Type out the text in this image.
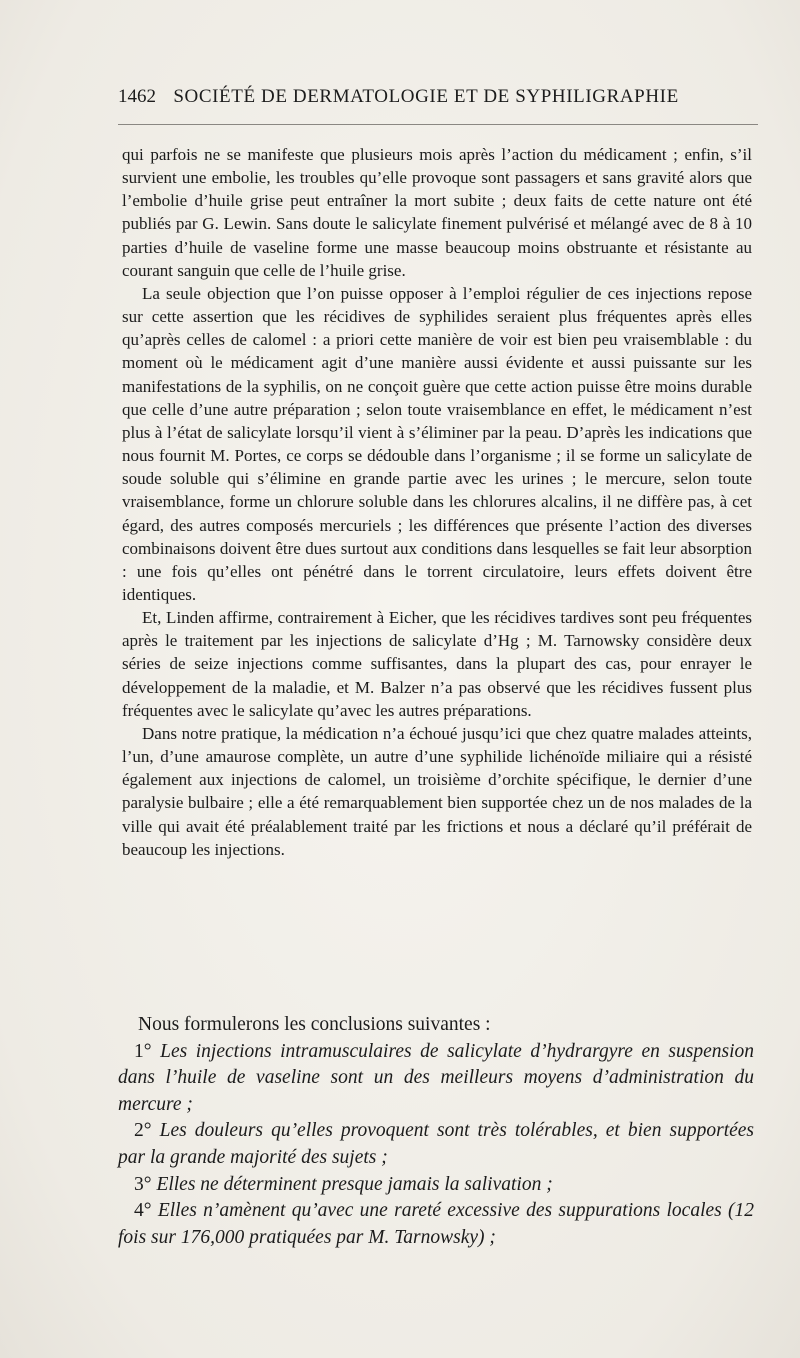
1462 SOCIÉTÉ DE DERMATOLOGIE ET DE SYPHILIGRAPHIE

qui parfois ne se manifeste que plusieurs mois après l’action du médicament ; enfin, s’il survient une embolie, les troubles qu’elle provoque sont passagers et sans gravité alors que l’embolie d’huile grise peut entraîner la mort subite ; deux faits de cette nature ont été publiés par G. Lewin. Sans doute le salicylate finement pulvérisé et mélangé avec de 8 à 10 parties d’huile de vaseline forme une masse beaucoup moins obstruante et résistante au courant sanguin que celle de l’huile grise.

La seule objection que l’on puisse opposer à l’emploi régulier de ces injections repose sur cette assertion que les récidives de syphilides seraient plus fréquentes après elles qu’après celles de calomel : a priori cette manière de voir est bien peu vraisemblable : du moment où le médicament agit d’une manière aussi évidente et aussi puissante sur les manifestations de la syphilis, on ne conçoit guère que cette action puisse être moins durable que celle d’une autre préparation ; selon toute vraisemblance en effet, le médicament n’est plus à l’état de salicylate lorsqu’il vient à s’éliminer par la peau. D’après les indications que nous fournit M. Portes, ce corps se dédouble dans l’organisme ; il se forme un salicylate de soude soluble qui s’élimine en grande partie avec les urines ; le mercure, selon toute vraisemblance, forme un chlorure soluble dans les chlorures alcalins, il ne diffère pas, à cet égard, des autres composés mercuriels ; les différences que présente l’action des diverses combinaisons doivent être dues surtout aux conditions dans lesquelles se fait leur absorption : une fois qu’elles ont pénétré dans le torrent circulatoire, leurs effets doivent être identiques.

Et, Linden affirme, contrairement à Eicher, que les récidives tardives sont peu fréquentes après le traitement par les injections de salicylate d’Hg ; M. Tarnowsky considère deux séries de seize injections comme suffisantes, dans la plupart des cas, pour enrayer le développement de la maladie, et M. Balzer n’a pas observé que les récidives fussent plus fréquentes avec le salicylate qu’avec les autres préparations.

Dans notre pratique, la médication n’a échoué jusqu’ici que chez quatre malades atteints, l’un, d’une amaurose complète, un autre d’une syphilide lichénoïde miliaire qui a résisté également aux injections de calomel, un troisième d’orchite spécifique, le dernier d’une paralysie bulbaire ; elle a été remarquablement bien supportée chez un de nos malades de la ville qui avait été préalablement traité par les frictions et nous a déclaré qu’il préférait de beaucoup les injections.

Nous formulerons les conclusions suivantes :

1° Les injections intramusculaires de salicylate d’hydrargyre en suspension dans l’huile de vaseline sont un des meilleurs moyens d’administration du mercure ;

2° Les douleurs qu’elles provoquent sont très tolérables, et bien supportées par la grande majorité des sujets ;

3° Elles ne déterminent presque jamais la salivation ;

4° Elles n’amènent qu’avec une rareté excessive des suppurations locales (12 fois sur 176,000 pratiquées par M. Tarnowsky) ;
